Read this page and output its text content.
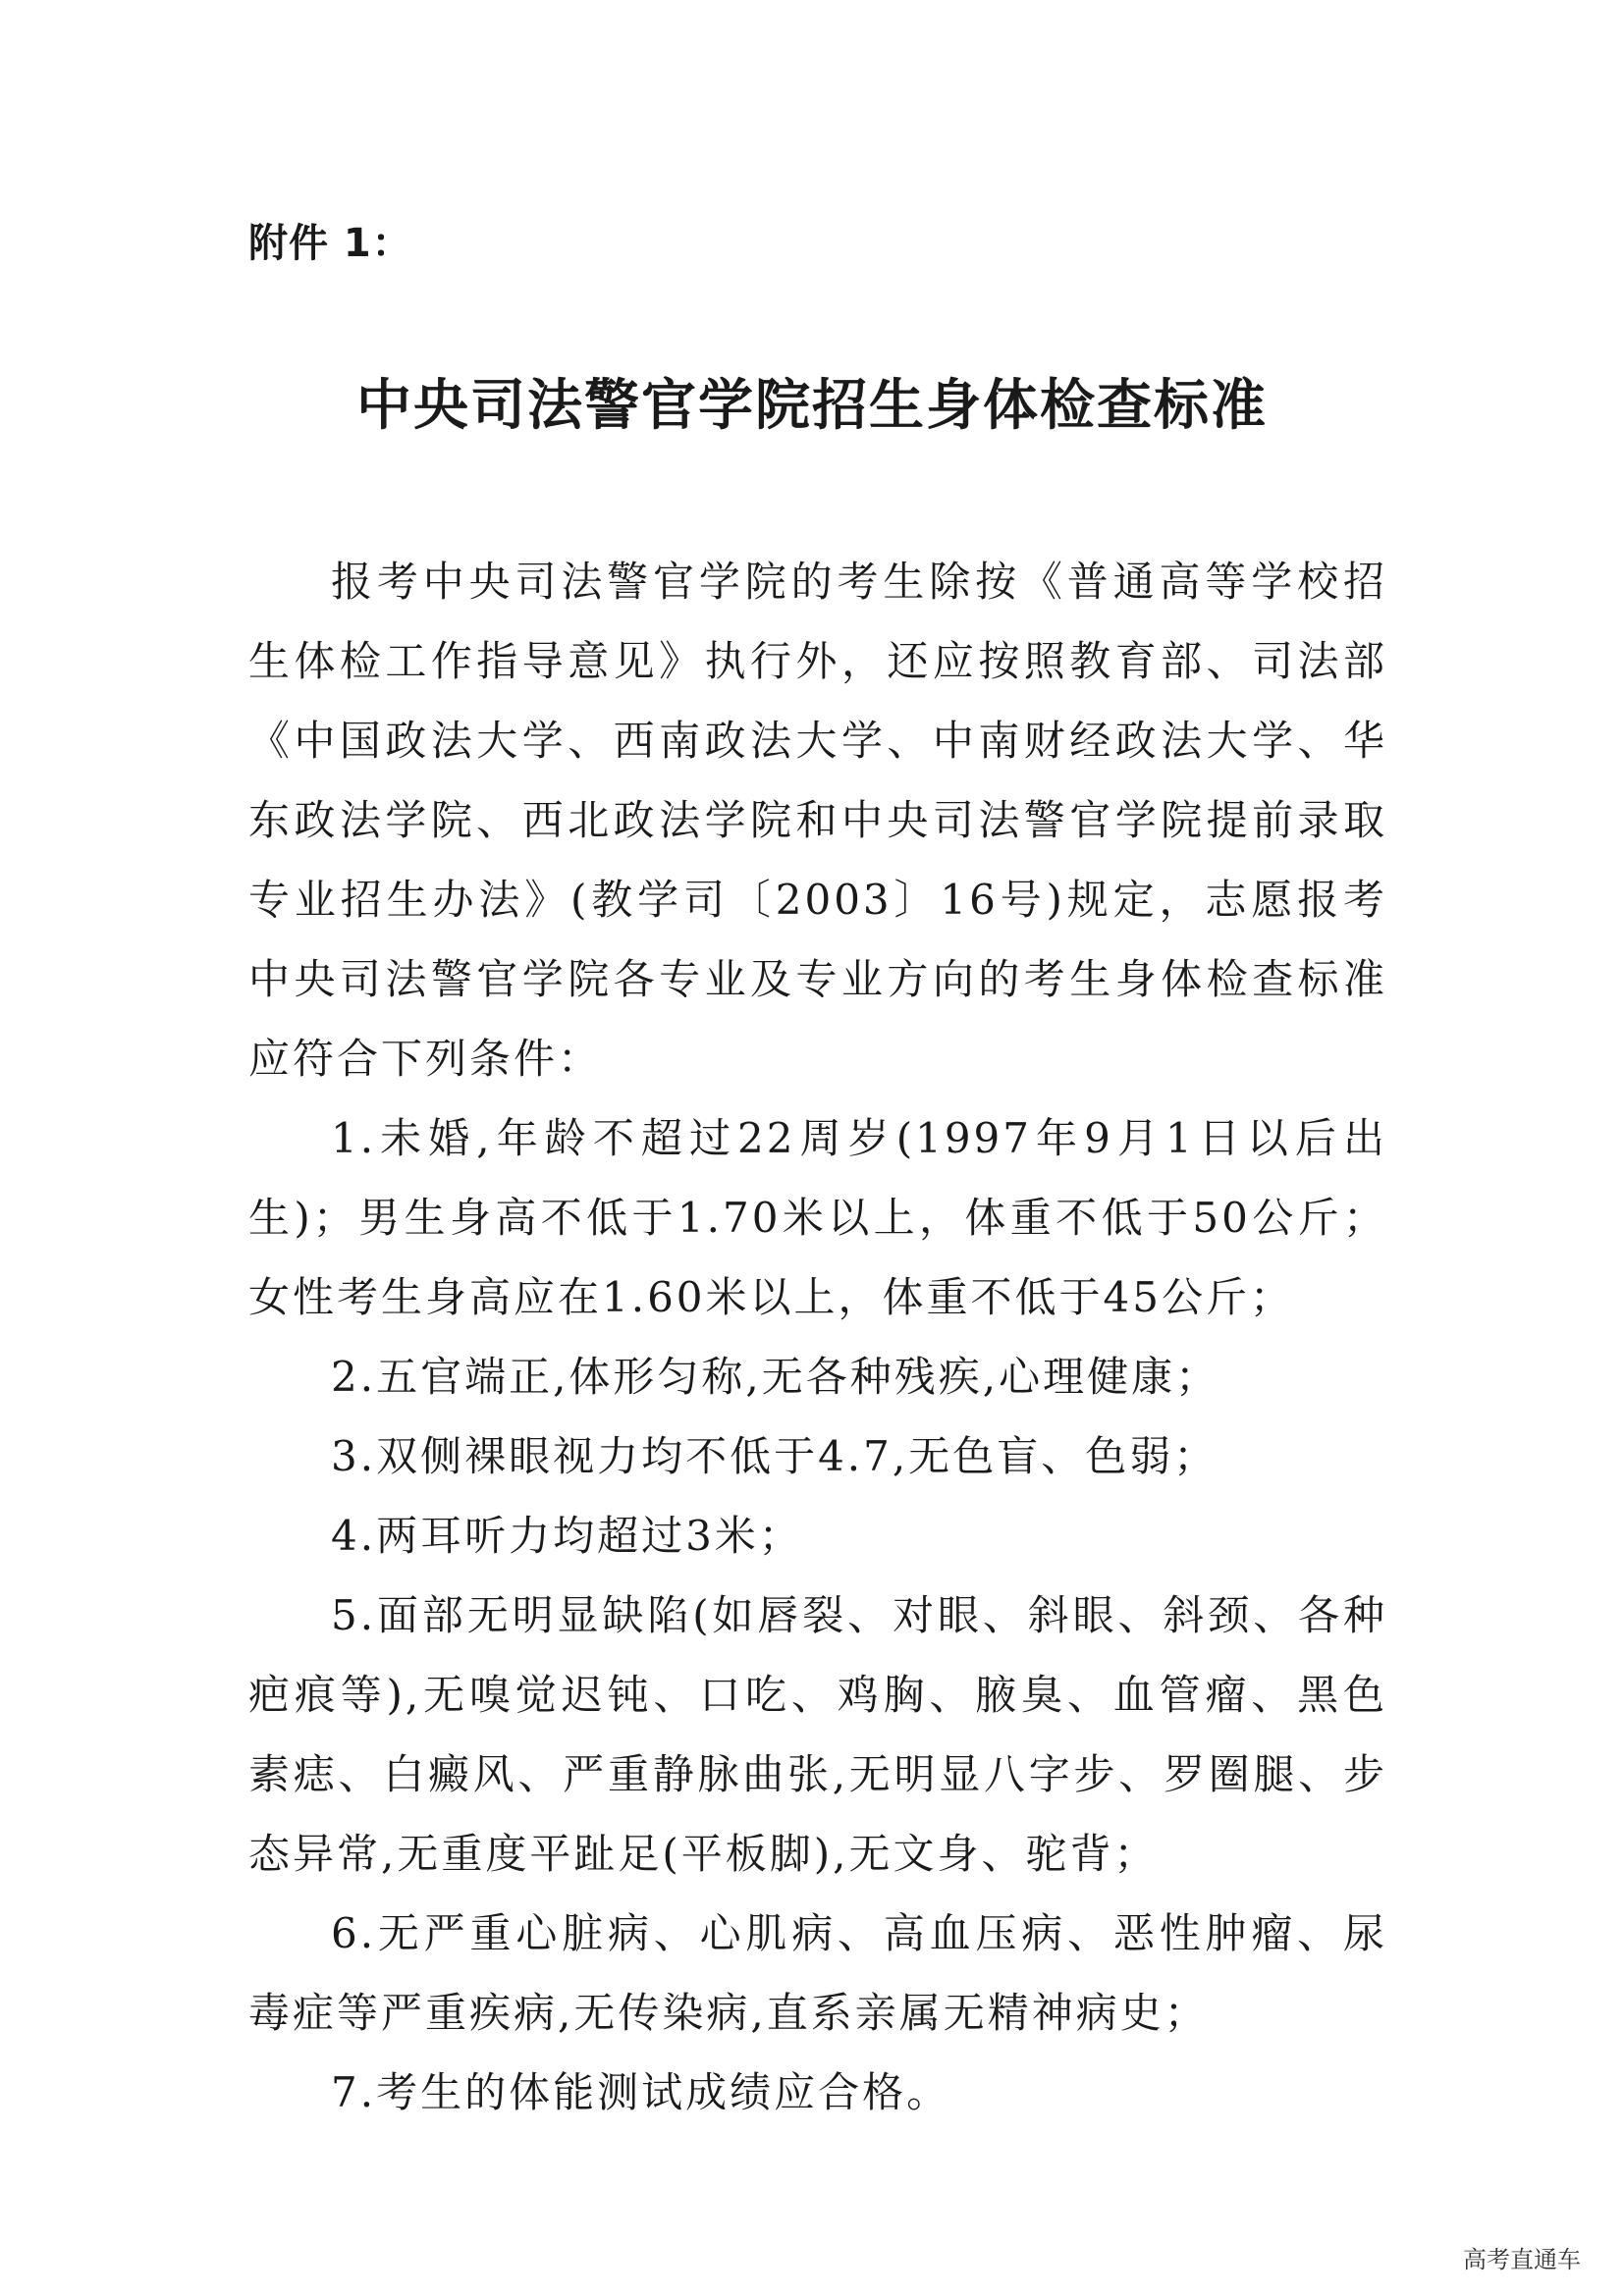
附件 1：
中央司法警官学院招生身体检查标准

报考中央司法警官学院的考生除按《普通高等学校招生体检工作指导意见》执行外，还应按照教育部、司法部《中国政法大学、西南政法大学、中南财经政法大学、华东政法学院、西北政法学院和中央司法警官学院提前录取专业招生办法》(教学司〔2003〕16号)规定，志愿报考中央司法警官学院各专业及专业方向的考生身体检查标准应符合下列条件：

1.未婚,年龄不超过22周岁(1997年9月1日以后出生)；男生身高不低于1.70米以上，体重不低于50公斤；女性考生身高应在1.60米以上，体重不低于45公斤；

2.五官端正,体形匀称,无各种残疾,心理健康；

3.双侧裸眼视力均不低于4.7,无色盲、色弱；

4.两耳听力均超过3米；

5.面部无明显缺陷(如唇裂、对眼、斜眼、斜颈、各种疤痕等),无嗅觉迟钝、口吃、鸡胸、腋臭、血管瘤、黑色素痣、白癜风、严重静脉曲张,无明显八字步、罗圈腿、步态异常,无重度平趾足(平板脚),无文身、驼背；

6.无严重心脏病、心肌病、高血压病、恶性肿瘤、尿毒症等严重疾病,无传染病,直系亲属无精神病史；

7.考生的体能测试成绩应合格。

高考直通车
